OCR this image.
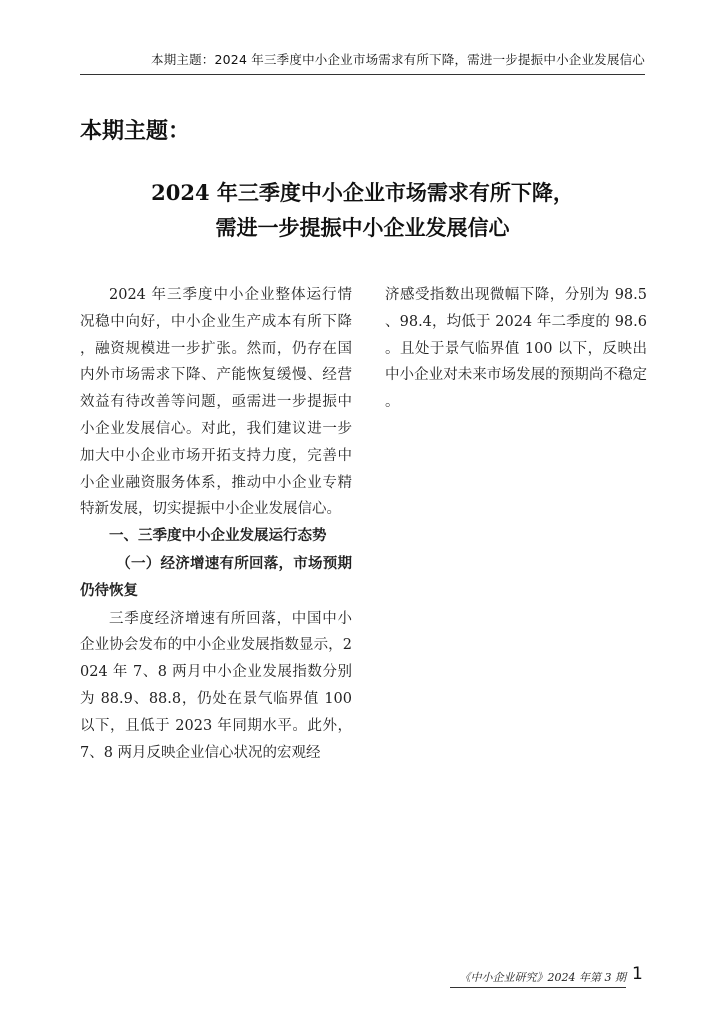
本期主题：2024 年三季度中小企业市场需求有所下降，需进一步提振中小企业发展信心
本期主题：
2024 年三季度中小企业市场需求有所下降，
需进一步提振中小企业发展信心

2024 年三季度中小企业整体运行情况稳中向好，中小企业生产成本有所下降，融资规模进一步扩张。然而，仍存在国内外市场需求下降、产能恢复缓慢、经营效益有待改善等问题，亟需进一步提振中小企业发展信心。对此，我们建议进一步加大中小企业市场开拓支持力度，完善中小企业融资服务体系，推动中小企业专精特新发展，切实提振中小企业发展信心。

一、三季度中小企业发展运行态势

（一）经济增速有所回落，市场预期仍待恢复

三季度经济增速有所回落，中国中小企业协会发布的中小企业发展指数显示，2024 年 7、8 两月中小企业发展指数分别为 88.9、88.8，仍处在景气临界值 100 以下，且低于 2023 年同期水平。此外，7、8 两月反映企业信心状况的宏观经

济感受指数出现微幅下降，分别为 98.5、98.4，均低于 2024 年二季度的 98.6。且处于景气临界值 100 以下，反映出中小企业对未来市场发展的预期尚不稳定。

《中小企业研究》2024 年第 3 期 1
